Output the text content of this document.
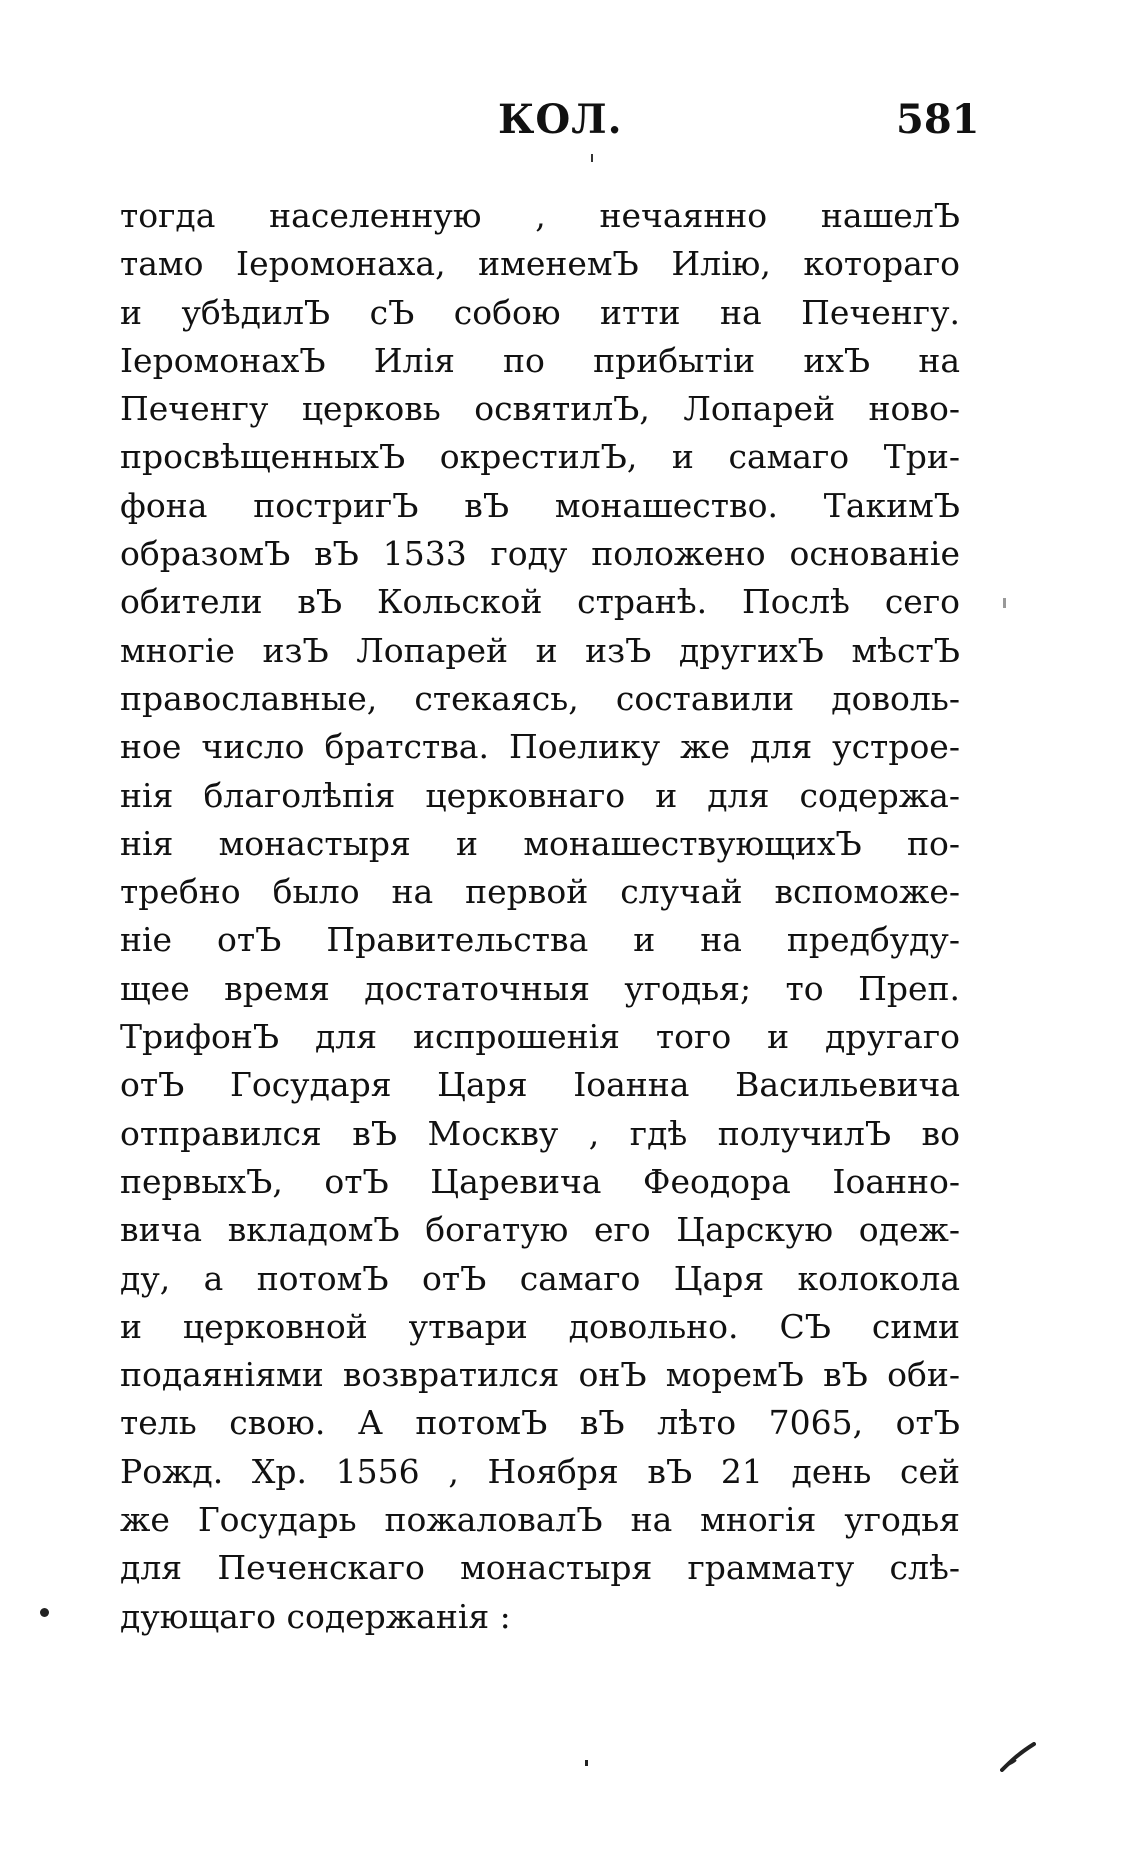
КОЛ.	581
тогда населенную , нечаянно нашелЪ
тамо Iеромонаха, именемЪ Илiю, котораго
и убѣдилЪ сЪ собою итти на Печенгу.
IеромонахЪ Илiя по прибытiи ихЪ на
Печенгу церковь освятилЪ, Лопарей ново-
просвѣщенныхЪ окрестилЪ, и самаго Три-
фона постригЪ вЪ монашество. ТакимЪ
образомЪ вЪ 1533 году положено основанiе
обители вЪ Кольской странѣ. Послѣ сего
многiе изЪ Лопарей и изЪ другихЪ мѣстЪ
православные, стекаясь, составили доволь-
ное число братства. Поелику же для устрое-
нiя благолѣпiя церковнаго и для содержа-
нiя монастыря и монашествующихЪ по-
требно было на первой случай вспоможе-
нiе отЪ Правительства и на предбуду-
щее время достаточныя угодья; то Преп.
ТрифонЪ для испрошенiя того и другаго
отЪ Государя Царя Iоанна Васильевича
отправился вЪ Москву , гдѣ получилЪ во
первыхЪ, отЪ Царевича Феодора Iоанно-
вича вкладомЪ богатую его Царскую одеж-
ду, а потомЪ отЪ самаго Царя колокола
и церковной утвари довольно. СЪ сими
подаянiями возвратился онЪ моремЪ вЪ оби-
тель свою. А потомЪ вЪ лѣто 7065, отЪ
Рожд. Хр. 1556 , Ноября вЪ 21 день сей
же Государь пожаловалЪ на многiя угодья
для Печенскаго монастыря граммату слѣ-
дующаго содержанiя :
